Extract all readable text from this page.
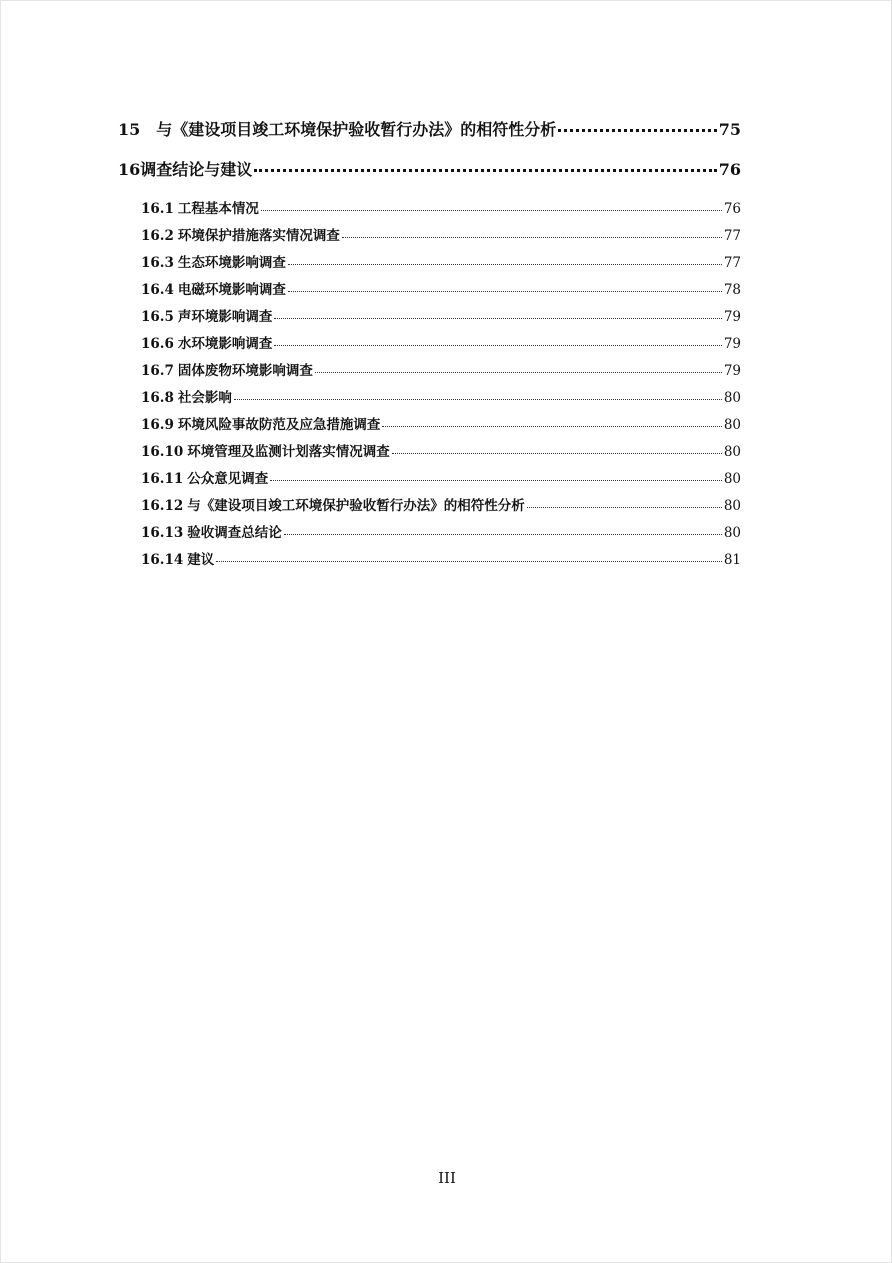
15 与《建设项目竣工环境保护验收暂行办法》的相符性分析	75
16 调查结论与建议	76
16.1 工程基本情况	76
16.2 环境保护措施落实情况调查	77
16.3 生态环境影响调查	77
16.4 电磁环境影响调查	78
16.5 声环境影响调查	79
16.6 水环境影响调查	79
16.7 固体废物环境影响调查	79
16.8 社会影响	80
16.9 环境风险事故防范及应急措施调查	80
16.10 环境管理及监测计划落实情况调查	80
16.11 公众意见调查	80
16.12 与《建设项目竣工环境保护验收暂行办法》的相符性分析	80
16.13 验收调查总结论	80
16.14 建议	81
III
